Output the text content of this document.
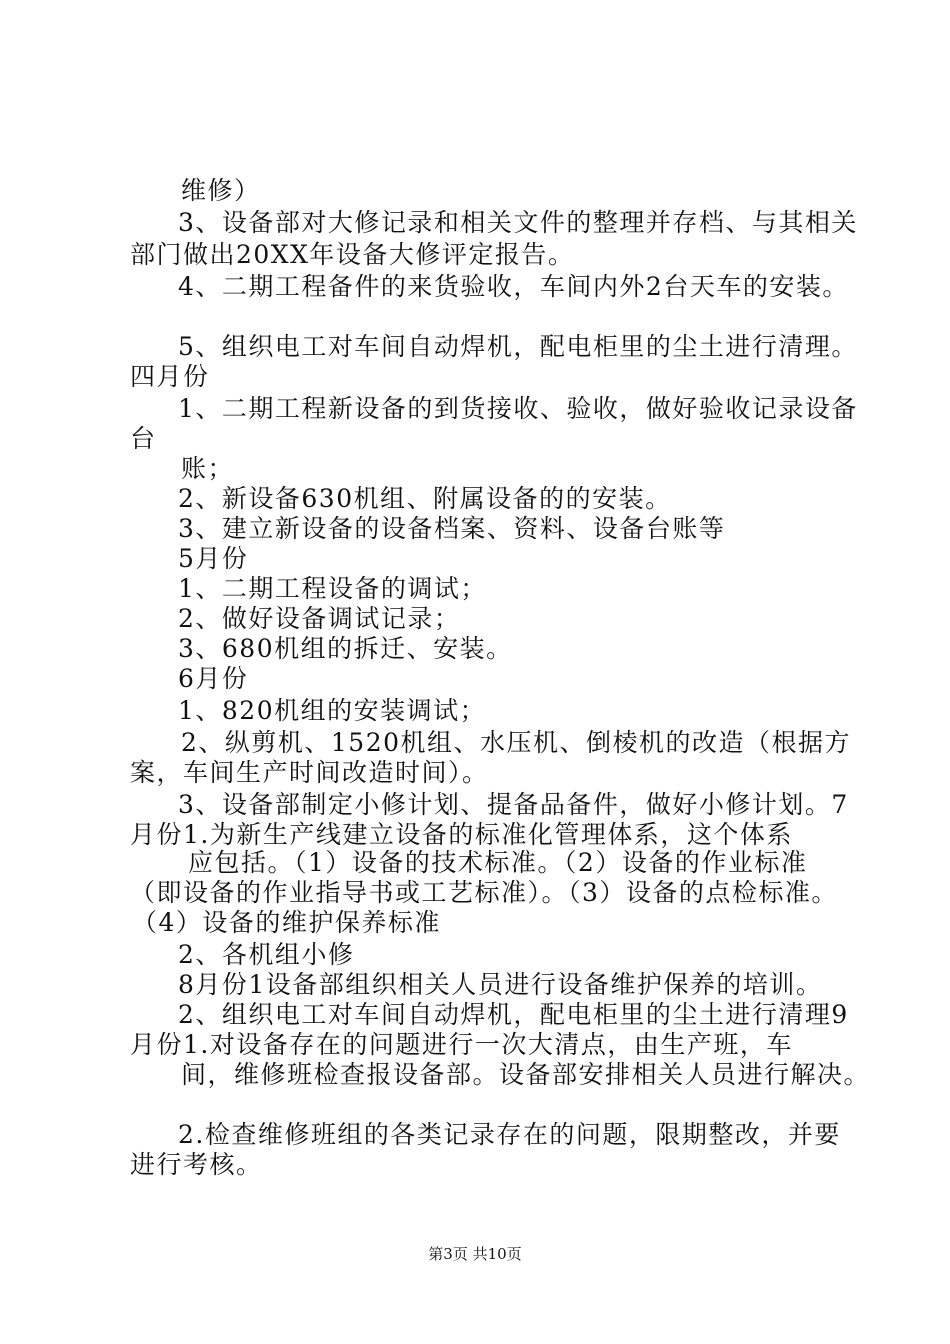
维修）
3、设备部对大修记录和相关文件的整理并存档、与其相关
部门做出20XX年设备大修评定报告。
4、二期工程备件的来货验收，车间内外2台天车的安装。
5、组织电工对车间自动焊机，配电柜里的尘土进行清理。
四月份
1、二期工程新设备的到货接收、验收，做好验收记录设备
台
账；
2、新设备630机组、附属设备的的安装。
3、建立新设备的设备档案、资料、设备台账等
5月份
1、二期工程设备的调试；
2、做好设备调试记录；
3、680机组的拆迁、安装。
6月份
1、820机组的安装调试；
2、纵剪机、1520机组、水压机、倒棱机的改造（根据方
案，车间生产时间改造时间）。
3、设备部制定小修计划、提备品备件，做好小修计划。7
月份1.为新生产线建立设备的标准化管理体系，这个体系
应包括。（1）设备的技术标准。（2）设备的作业标准
（即设备的作业指导书或工艺标准）。（3）设备的点检标准。
（4）设备的维护保养标准
2、各机组小修
8月份1设备部组织相关人员进行设备维护保养的培训。
2、组织电工对车间自动焊机，配电柜里的尘土进行清理9
月份1.对设备存在的问题进行一次大清点，由生产班，车
间，维修班检查报设备部。设备部安排相关人员进行解决。
2.检查维修班组的各类记录存在的问题，限期整改，并要
进行考核。
第3页 共10页
